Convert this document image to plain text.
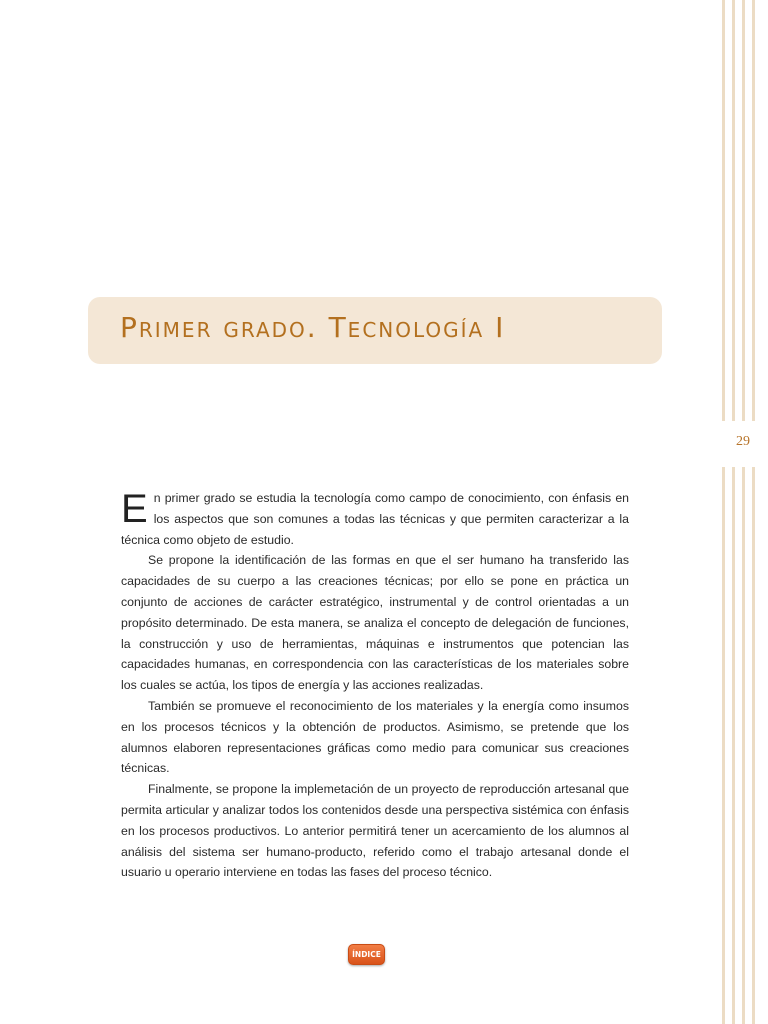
29
Primer grado. Tecnología I

En primer grado se estudia la tecnología como campo de conocimiento, con énfasis en los aspectos que son comunes a todas las técnicas y que permiten caracterizar a la técnica como objeto de estudio.

Se propone la identificación de las formas en que el ser humano ha transferido las capacidades de su cuerpo a las creaciones técnicas; por ello se pone en práctica un conjunto de acciones de carácter estratégico, instrumental y de control orientadas a un propósito determinado. De esta manera, se analiza el concepto de delegación de funciones, la construcción y uso de herramientas, máquinas e instrumentos que potencian las capacidades humanas, en correspondencia con las características de los materiales sobre los cuales se actúa, los tipos de energía y las acciones realizadas.

También se promueve el reconocimiento de los materiales y la energía como insumos en los procesos técnicos y la obtención de productos. Asimismo, se pretende que los alumnos elaboren representaciones gráficas como medio para comunicar sus creaciones técnicas.

Finalmente, se propone la implemetación de un proyecto de reproducción artesanal que permita articular y analizar todos los contenidos desde una perspectiva sistémica con énfasis en los procesos productivos. Lo anterior permitirá tener un acercamiento de los alumnos al análisis del sistema ser humano-producto, referido como el trabajo artesanal donde el usuario u operario interviene en todas las fases del proceso técnico.

ÍNDICE
